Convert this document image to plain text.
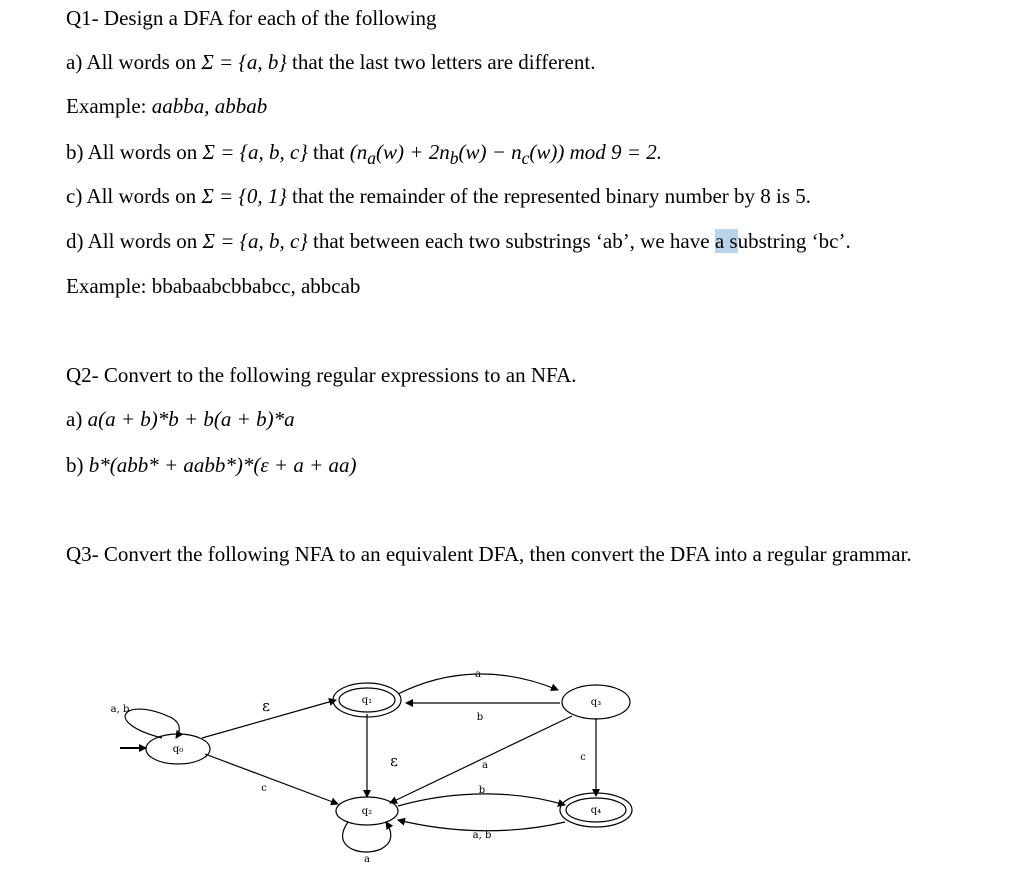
Q1- Design a DFA for each of the following
a) All words on Σ = {a, b} that the last two letters are different.
Example: aabba, abbab
b) All words on Σ = {a, b, c} that $(n_a(w) + 2n_b(w) - n_c(w))$ mod 9 = 2.
c) All words on Σ = {0, 1} that the remainder of the represented binary number by 8 is 5.
d) All words on Σ = {a, b, c} that between each two substrings ‘ab’, we have a substring ‘bc’.
Example: bbabaabcbbabcc, abbcab
Q2- Convert to the following regular expressions to an NFA.
a) a(a + b)*b + b(a + b)*a
b) b*(abb* + aabb*)*(ε + a + aa)
Q3- Convert the following NFA to an equivalent DFA, then convert the DFA into a regular grammar.
q₀
q₁
q₂
q₃
q₄
a, b	ε
c
ε
a
b
a
c
b
a, b
a
